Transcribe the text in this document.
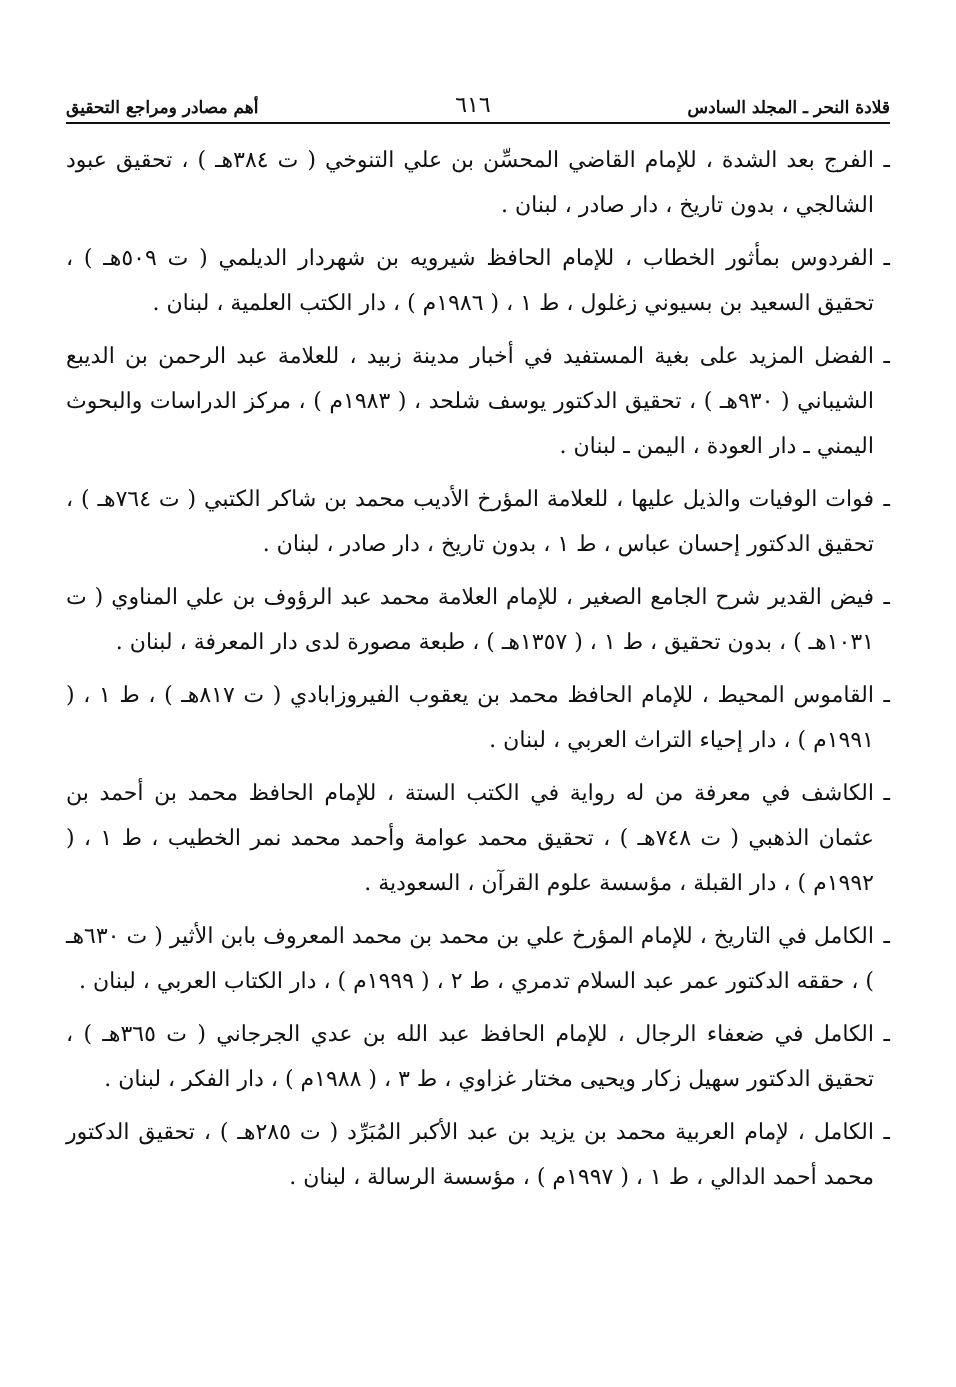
قلادة النحر ـ المجلد السادس
٦١٦
أهم مصادر ومراجع التحقيق
ـ الفرج بعد الشدة ، للإمام القاضي المحسِّن بن علي التنوخي ( ت ٣٨٤هـ ) ، تحقيق عبود الشالجي ، بدون تاريخ ، دار صادر ، لبنان .
ـ الفردوس بمأثور الخطاب ، للإمام الحافظ شيرويه بن شهردار الديلمي ( ت ٥٠٩هـ ) ، تحقيق السعيد بن بسيوني زغلول ، ط ١ ، ( ١٩٨٦م ) ، دار الكتب العلمية ، لبنان .
ـ الفضل المزيد على بغية المستفيد في أخبار مدينة زبيد ، للعلامة عبد الرحمن بن الديبع الشيباني ( ٩٣٠هـ ) ، تحقيق الدكتور يوسف شلحد ، ( ١٩٨٣م ) ، مركز الدراسات والبحوث اليمني ـ دار العودة ، اليمن ـ لبنان .
ـ فوات الوفيات والذيل عليها ، للعلامة المؤرخ الأديب محمد بن شاكر الكتبي ( ت ٧٦٤هـ ) ، تحقيق الدكتور إحسان عباس ، ط ١ ، بدون تاريخ ، دار صادر ، لبنان .
ـ فيض القدير شرح الجامع الصغير ، للإمام العلامة محمد عبد الرؤوف بن علي المناوي ( ت ١٠٣١هـ ) ، بدون تحقيق ، ط ١ ، ( ١٣٥٧هـ ) ، طبعة مصورة لدى دار المعرفة ، لبنان .
ـ القاموس المحيط ، للإمام الحافظ محمد بن يعقوب الفيروزابادي ( ت ٨١٧هـ ) ، ط ١ ، ( ١٩٩١م ) ، دار إحياء التراث العربي ، لبنان .
ـ الكاشف في معرفة من له رواية في الكتب الستة ، للإمام الحافظ محمد بن أحمد بن عثمان الذهبي ( ت ٧٤٨هـ ) ، تحقيق محمد عوامة وأحمد محمد نمر الخطيب ، ط ١ ، ( ١٩٩٢م ) ، دار القبلة ، مؤسسة علوم القرآن ، السعودية .
ـ الكامل في التاريخ ، للإمام المؤرخ علي بن محمد بن محمد المعروف بابن الأثير ( ت ٦٣٠هـ ) ، حققه الدكتور عمر عبد السلام تدمري ، ط ٢ ، ( ١٩٩٩م ) ، دار الكتاب العربي ، لبنان .
ـ الكامل في ضعفاء الرجال ، للإمام الحافظ عبد الله بن عدي الجرجاني ( ت ٣٦٥هـ ) ، تحقيق الدكتور سهيل زكار ويحيى مختار غزاوي ، ط ٣ ، ( ١٩٨٨م ) ، دار الفكر ، لبنان .
ـ الكامل ، لإمام العربية محمد بن يزيد بن عبد الأكبر المُبَرِّد ( ت ٢٨٥هـ ) ، تحقيق الدكتور محمد أحمد الدالي ، ط ١ ، ( ١٩٩٧م ) ، مؤسسة الرسالة ، لبنان .
